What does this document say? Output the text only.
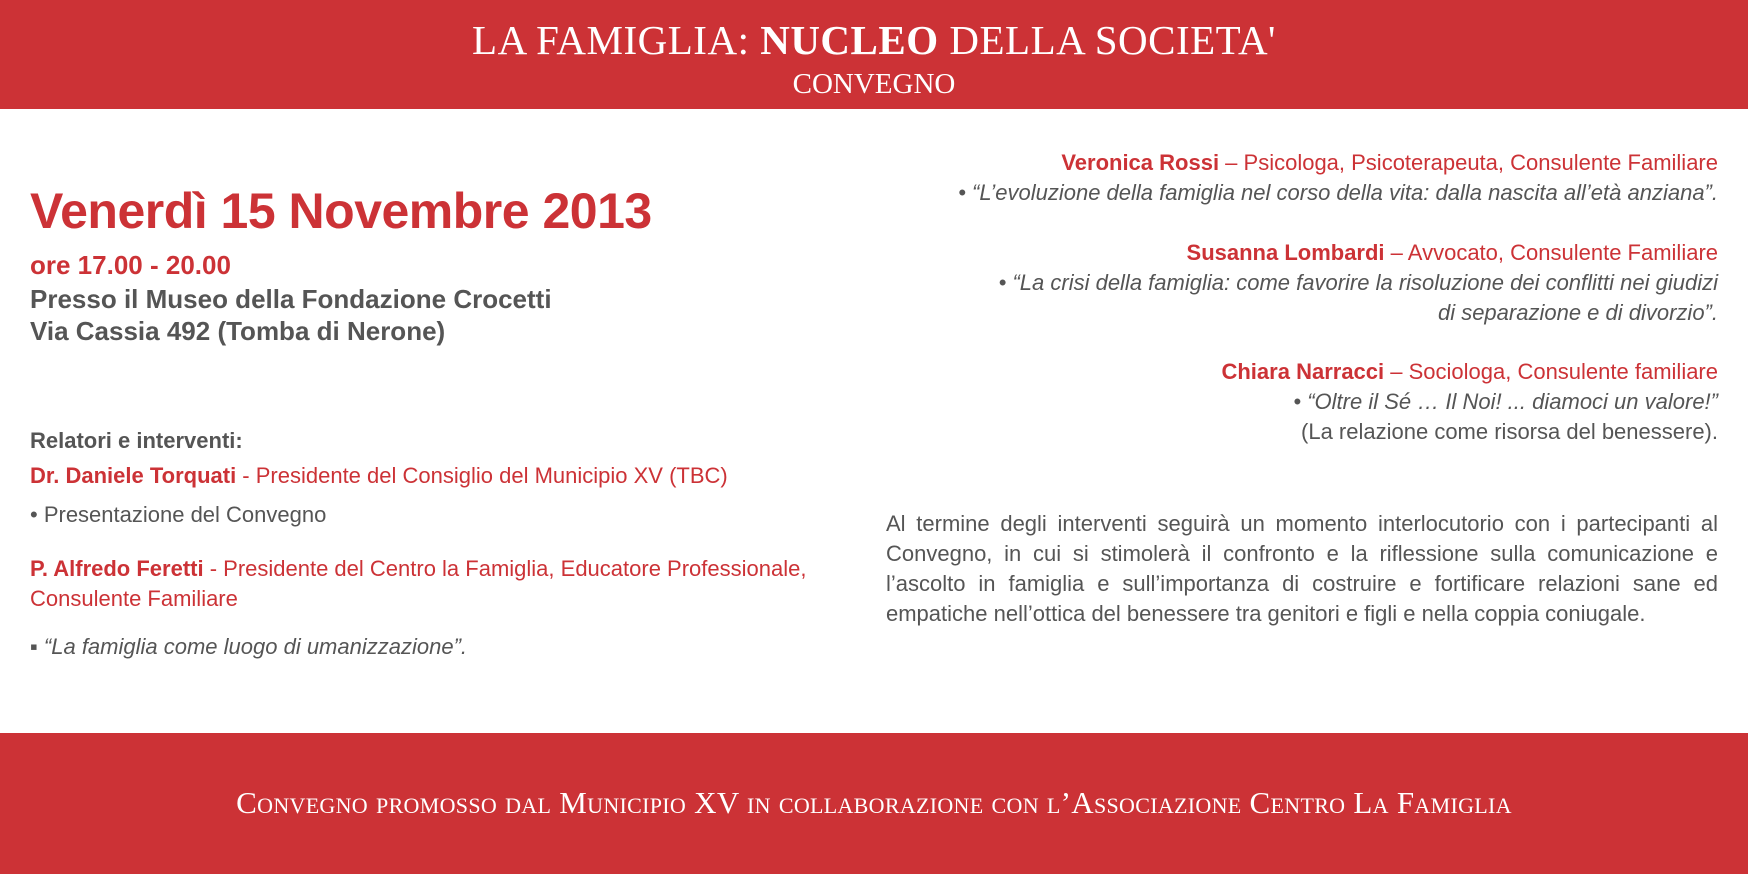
LA FAMIGLIA: NUCLEO DELLA SOCIETA'
CONVEGNO
Venerdì 15 Novembre 2013
ore 17.00 - 20.00
Presso il Museo della Fondazione Crocetti
Via Cassia 492 (Tomba di Nerone)
Relatori e interventi:
Dr. Daniele Torquati - Presidente del Consiglio del Municipio XV (TBC)
• Presentazione del Convegno
P. Alfredo Feretti - Presidente del Centro la Famiglia, Educatore Professionale, Consulente Familiare
▪ “La famiglia come luogo di umanizzazione”.
Veronica Rossi – Psicologa, Psicoterapeuta, Consulente Familiare
• “L’evoluzione della famiglia nel corso della vita: dalla nascita all’età anziana”.
Susanna Lombardi – Avvocato, Consulente Familiare
• “La crisi della famiglia: come favorire la risoluzione dei conflitti nei giudizi di separazione e di divorzio”.
Chiara Narracci – Sociologa, Consulente familiare
• “Oltre il Sé … Il Noi! ... diamoci un valore!”
(La relazione come risorsa del benessere).
Al termine degli interventi seguirà un momento interlocutorio con i partecipanti al Convegno, in cui si stimolerà il confronto e la riflessione sulla comunicazione e l’ascolto in famiglia e sull’importanza di costruire e fortificare relazioni sane ed empatiche nell’ottica del benessere tra genitori e figli e nella coppia coniugale.
Convegno promosso dal Municipio XV in collaborazione con l’Associazione Centro La Famiglia
